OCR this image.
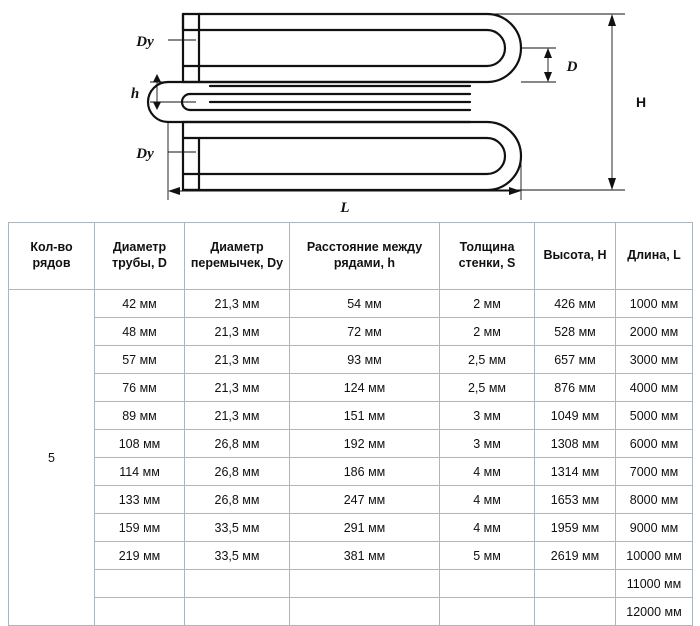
Dy
Dy
h
D
H
L
Кол-во рядов	Диаметр трубы, D	Диаметр перемычек, Dy	Расстояние между рядами, h	Толщина стенки, S	Высота, H	Длина, L
5	42 мм	21,3 мм	54 мм	2 мм	426 мм	1000 мм
	48 мм	21,3 мм	72 мм	2 мм	528 мм	2000 мм
	57 мм	21,3 мм	93 мм	2,5 мм	657 мм	3000 мм
	76 мм	21,3 мм	124 мм	2,5 мм	876 мм	4000 мм
	89 мм	21,3 мм	151 мм	3 мм	1049 мм	5000 мм
	108 мм	26,8 мм	192 мм	3 мм	1308 мм	6000 мм
	114 мм	26,8 мм	186 мм	4 мм	1314 мм	7000 мм
	133 мм	26,8 мм	247 мм	4 мм	1653 мм	8000 мм
	159 мм	33,5 мм	291 мм	4 мм	1959 мм	9000 мм
	219 мм	33,5 мм	381 мм	5 мм	2619 мм	10000 мм
						11000 мм
						12000 мм
